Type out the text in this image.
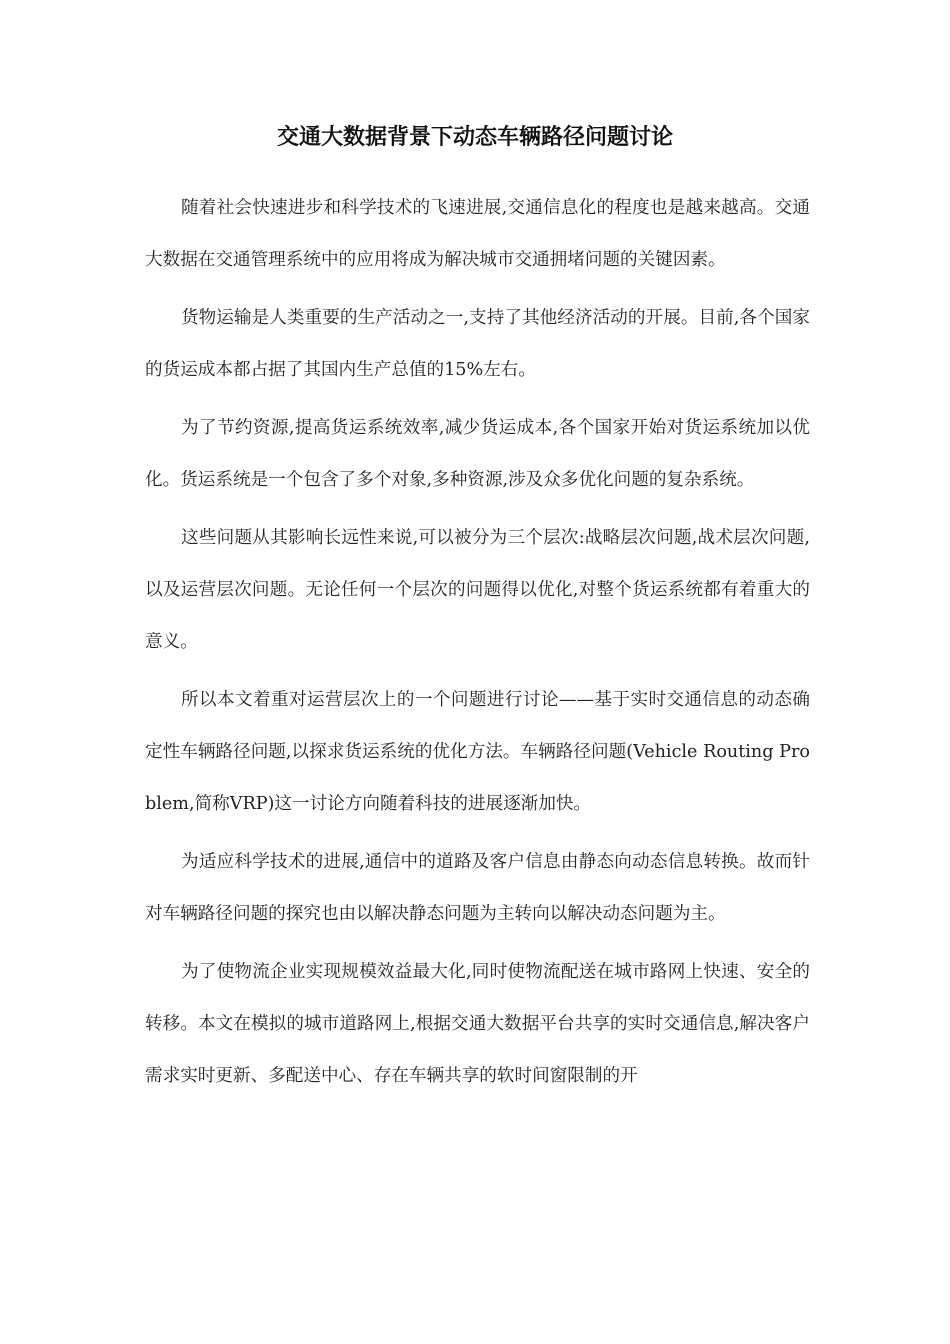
交通大数据背景下动态车辆路径问题讨论

随着社会快速进步和科学技术的飞速进展,交通信息化的程度也是越来越高。交通大数据在交通管理系统中的应用将成为解决城市交通拥堵问题的关键因素。

货物运输是人类重要的生产活动之一,支持了其他经济活动的开展。目前,各个国家的货运成本都占据了其国内生产总值的15%左右。

为了节约资源,提高货运系统效率,减少货运成本,各个国家开始对货运系统加以优化。货运系统是一个包含了多个对象,多种资源,涉及众多优化问题的复杂系统。

这些问题从其影响长远性来说,可以被分为三个层次:战略层次问题,战术层次问题,以及运营层次问题。无论任何一个层次的问题得以优化,对整个货运系统都有着重大的意义。

所以本文着重对运营层次上的一个问题进行讨论——基于实时交通信息的动态确定性车辆路径问题,以探求货运系统的优化方法。车辆路径问题(Vehicle Routing Problem,简称VRP)这一讨论方向随着科技的进展逐渐加快。

为适应科学技术的进展,通信中的道路及客户信息由静态向动态信息转换。故而针对车辆路径问题的探究也由以解决静态问题为主转向以解决动态问题为主。

为了使物流企业实现规模效益最大化,同时使物流配送在城市路网上快速、安全的转移。本文在模拟的城市道路网上,根据交通大数据平台共享的实时交通信息,解决客户需求实时更新、多配送中心、存在车辆共享的软时间窗限制的开
